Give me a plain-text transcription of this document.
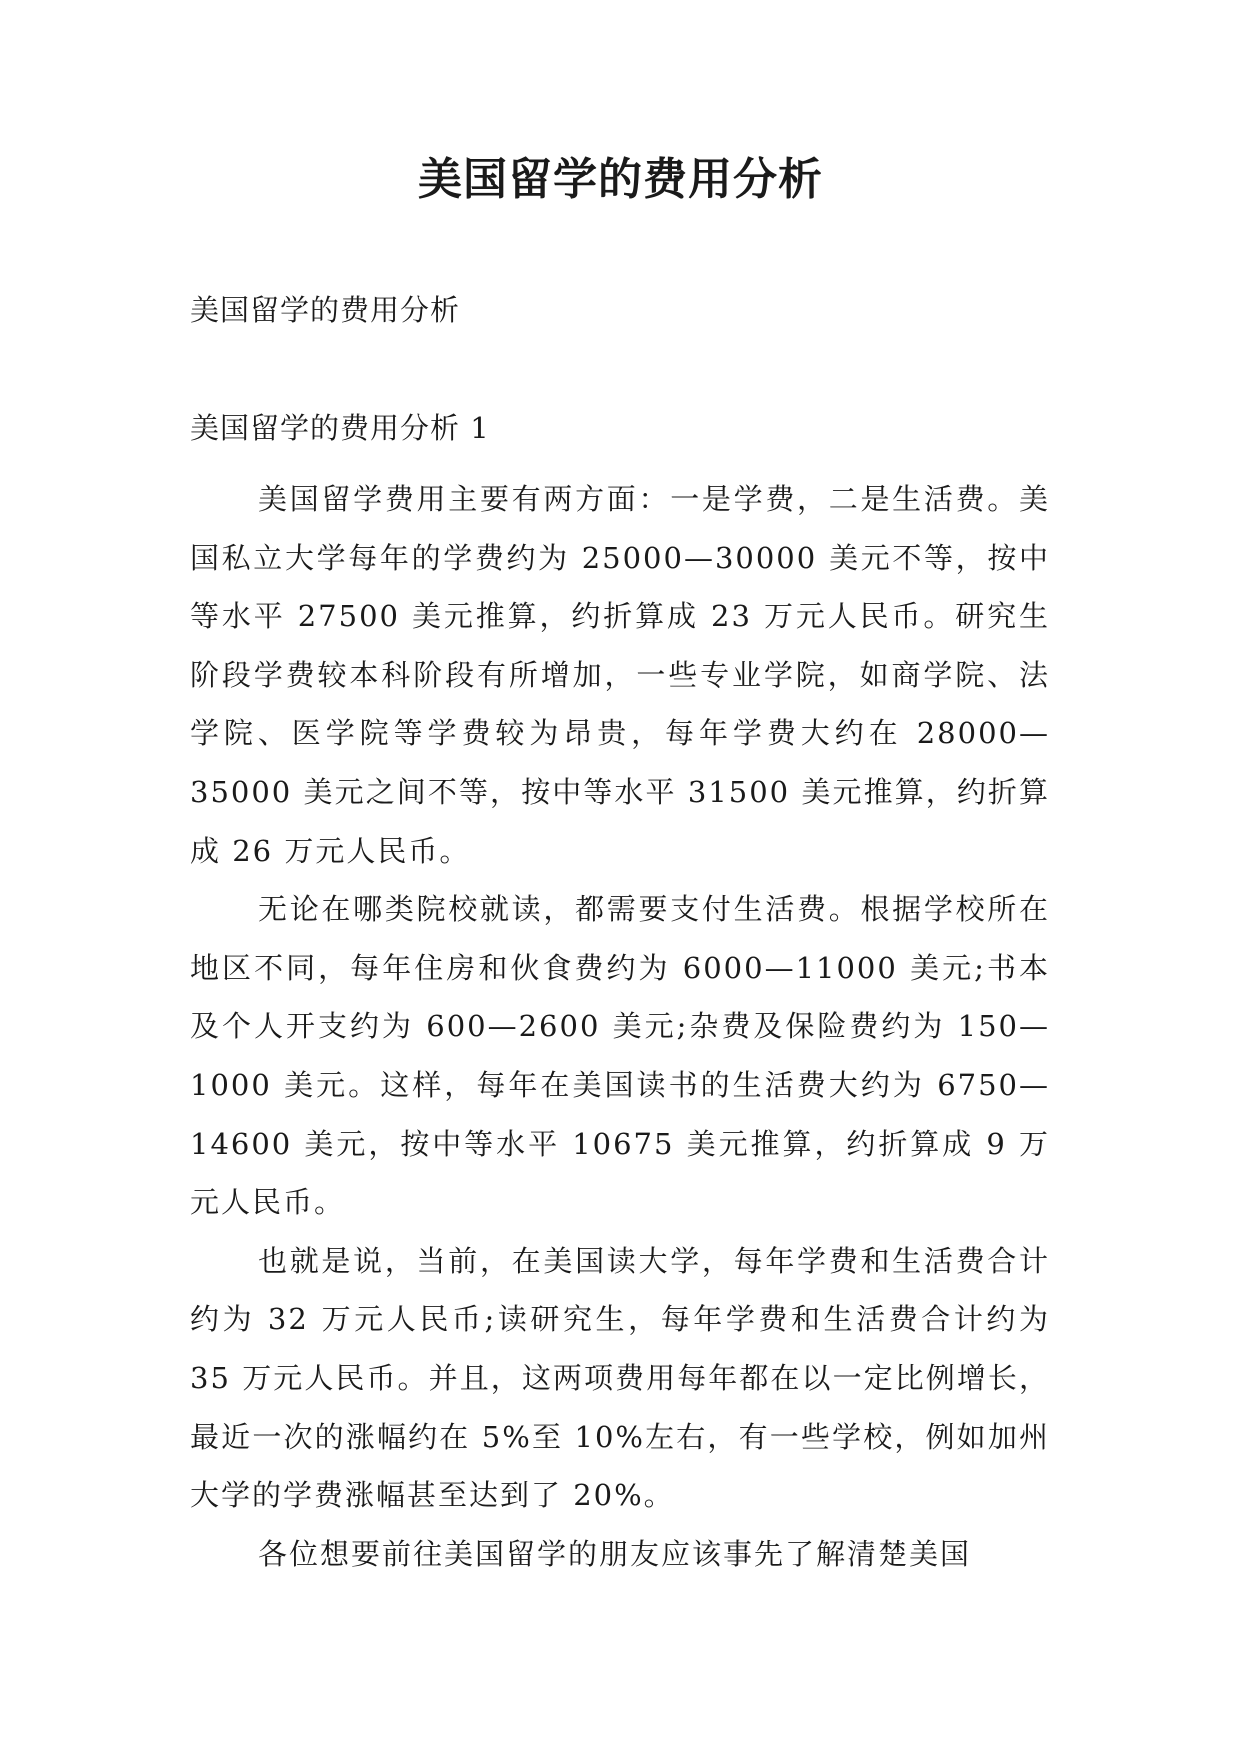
美国留学的费用分析
美国留学的费用分析
美国留学的费用分析 1

美国留学费用主要有两方面：一是学费，二是生活费。美国私立大学每年的学费约为 25000—30000 美元不等，按中等水平 27500 美元推算，约折算成 23 万元人民币。研究生阶段学费较本科阶段有所增加，一些专业学院，如商学院、法学院、医学院等学费较为昂贵，每年学费大约在 28000—35000 美元之间不等，按中等水平 31500 美元推算，约折算成 26 万元人民币。

无论在哪类院校就读，都需要支付生活费。根据学校所在地区不同，每年住房和伙食费约为 6000—11000 美元;书本及个人开支约为 600—2600 美元;杂费及保险费约为 150—1000 美元。这样，每年在美国读书的生活费大约为 6750—14600 美元，按中等水平 10675 美元推算，约折算成 9 万元人民币。

也就是说，当前，在美国读大学，每年学费和生活费合计约为 32 万元人民币;读研究生，每年学费和生活费合计约为 35 万元人民币。并且，这两项费用每年都在以一定比例增长，最近一次的涨幅约在 5%至 10%左右，有一些学校，例如加州大学的学费涨幅甚至达到了 20%。

各位想要前往美国留学的朋友应该事先了解清楚美国
